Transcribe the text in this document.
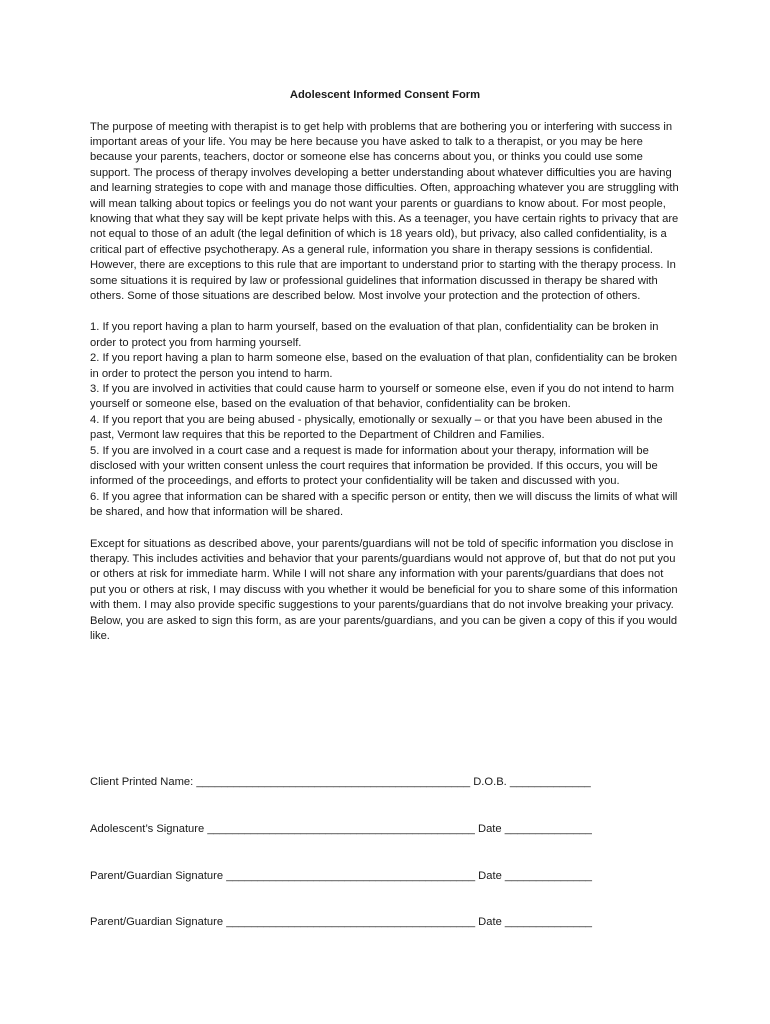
Adolescent Informed Consent Form

The purpose of meeting with therapist is to get help with problems that are bothering you or interfering with success in important areas of your life. You may be here because you have asked to talk to a therapist, or you may be here because your parents, teachers, doctor or someone else has concerns about you, or thinks you could use some support. The process of therapy involves developing a better understanding about whatever difficulties you are having and learning strategies to cope with and manage those difficulties. Often, approaching whatever you are struggling with will mean talking about topics or feelings you do not want your parents or guardians to know about. For most people, knowing that what they say will be kept private helps with this. As a teenager, you have certain rights to privacy that are not equal to those of an adult (the legal definition of which is 18 years old), but privacy, also called confidentiality, is a critical part of effective psychotherapy. As a general rule, information you share in therapy sessions is confidential. However, there are exceptions to this rule that are important to understand prior to starting with the therapy process. In some situations it is required by law or professional guidelines that information discussed in therapy be shared with others. Some of those situations are described below. Most involve your protection and the protection of others.

1. If you report having a plan to harm yourself, based on the evaluation of that plan, confidentiality can be broken in order to protect you from harming yourself.

2. If you report having a plan to harm someone else, based on the evaluation of that plan, confidentiality can be broken in order to protect the person you intend to harm.

3. If you are involved in activities that could cause harm to yourself or someone else, even if you do not intend to harm yourself or someone else, based on the evaluation of that behavior, confidentiality can be broken.

4. If you report that you are being abused - physically, emotionally or sexually – or that you have been abused in the past, Vermont law requires that this be reported to the Department of Children and Families.

5. If you are involved in a court case and a request is made for information about your therapy, information will be disclosed with your written consent unless the court requires that information be provided. If this occurs, you will be informed of the proceedings, and efforts to protect your confidentiality will be taken and discussed with you.

6. If you agree that information can be shared with a specific person or entity, then we will discuss the limits of what will be shared, and how that information will be shared.

Except for situations as described above, your parents/guardians will not be told of specific information you disclose in therapy. This includes activities and behavior that your parents/guardians would not approve of, but that do not put you or others at risk for immediate harm. While I will not share any information with your parents/guardians that does not put you or others at risk, I may discuss with you whether it would be beneficial for you to share some of this information with them. I may also provide specific suggestions to your parents/guardians that do not involve breaking your privacy. Below, you are asked to sign this form, as are your parents/guardians, and you can be given a copy of this if you would like.

Client Printed Name: ____________________________________________ D.O.B. _____________
Adolescent’s Signature ___________________________________________ Date ______________
Parent/Guardian Signature ________________________________________ Date ______________
Parent/Guardian Signature ________________________________________ Date ______________
